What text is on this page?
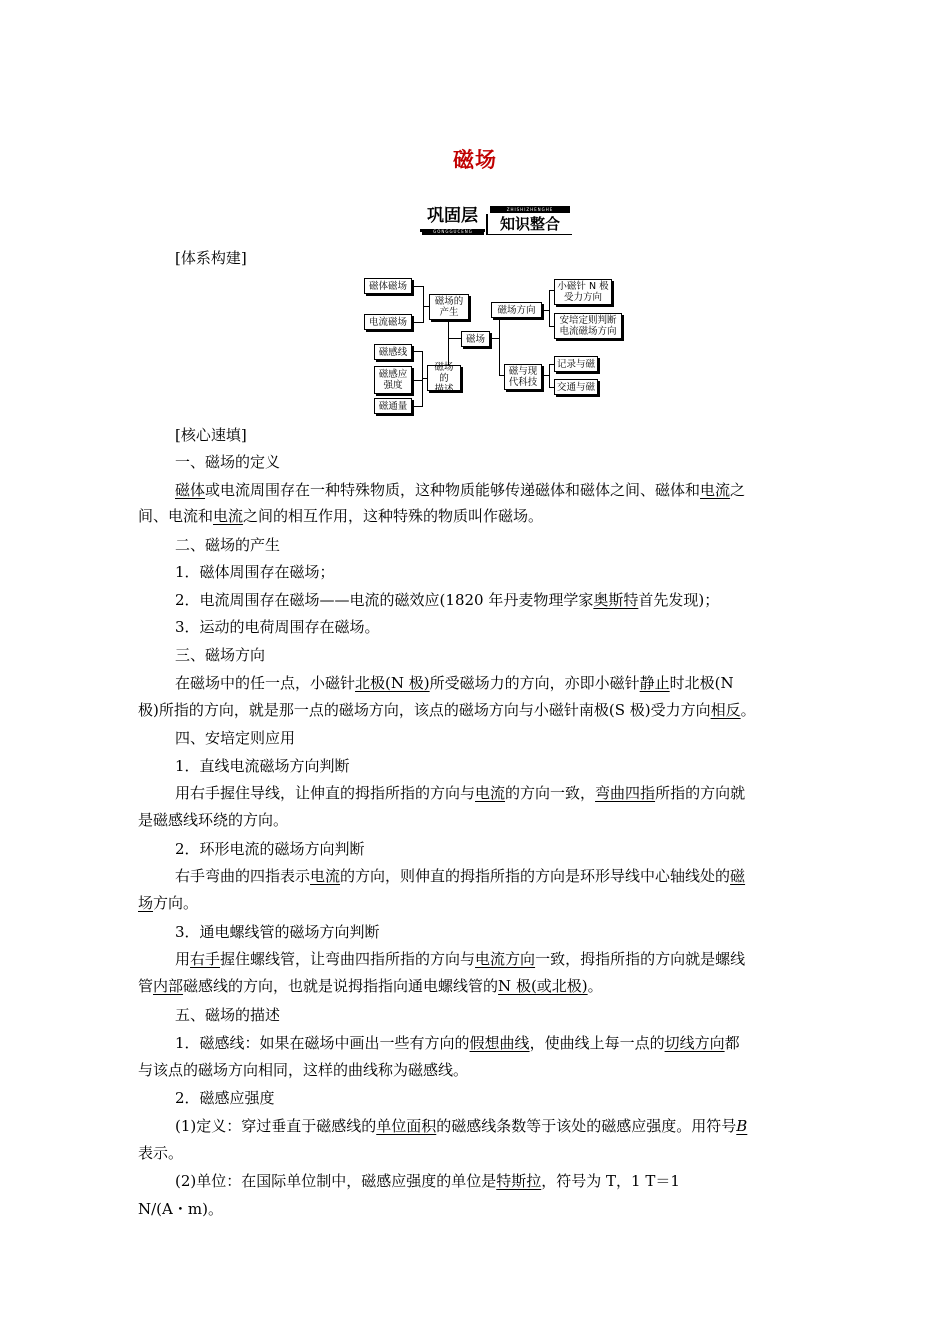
磁场
巩固层
GONGGUCENG
ZHISHIZHENGHE
知识整合
[体系构建]
磁体磁场
电流磁场
磁场的
产生
磁场
磁场方向
小磁针 N 极
受力方向
安培定则判断
电流磁场方向
磁感线
磁感应
强度
磁通量
磁场的
描述
磁与现
代科技
记录与磁
交通与磁
[核心速填]
一、磁场的定义
磁体或电流周围存在一种特殊物质，这种物质能够传递磁体和磁体之间、磁体和电流之
间、电流和电流之间的相互作用，这种特殊的物质叫作磁场。
二、磁场的产生
1．磁体周围存在磁场；
2．电流周围存在磁场——电流的磁效应(1820 年丹麦物理学家奥斯特首先发现)；
3．运动的电荷周围存在磁场。
三、磁场方向
在磁场中的任一点，小磁针北极(N 极)所受磁场力的方向，亦即小磁针静止时北极(N
极)所指的方向，就是那一点的磁场方向，该点的磁场方向与小磁针南极(S 极)受力方向相反。
四、安培定则应用
1．直线电流磁场方向判断
用右手握住导线，让伸直的拇指所指的方向与电流的方向一致，弯曲四指所指的方向就
是磁感线环绕的方向。
2．环形电流的磁场方向判断
右手弯曲的四指表示电流的方向，则伸直的拇指所指的方向是环形导线中心轴线处的磁
场方向。
3．通电螺线管的磁场方向判断
用右手握住螺线管，让弯曲四指所指的方向与电流方向一致，拇指所指的方向就是螺线
管内部磁感线的方向，也就是说拇指指向通电螺线管的N 极(或北极)。
五、磁场的描述
1．磁感线：如果在磁场中画出一些有方向的假想曲线，使曲线上每一点的切线方向都
与该点的磁场方向相同，这样的曲线称为磁感线。
2．磁感应强度
(1)定义：穿过垂直于磁感线的单位面积的磁感线条数等于该处的磁感应强度。用符号B
表示。
(2)单位：在国际单位制中，磁感应强度的单位是特斯拉，符号为 T，1 T＝1
N/(A・m)。
